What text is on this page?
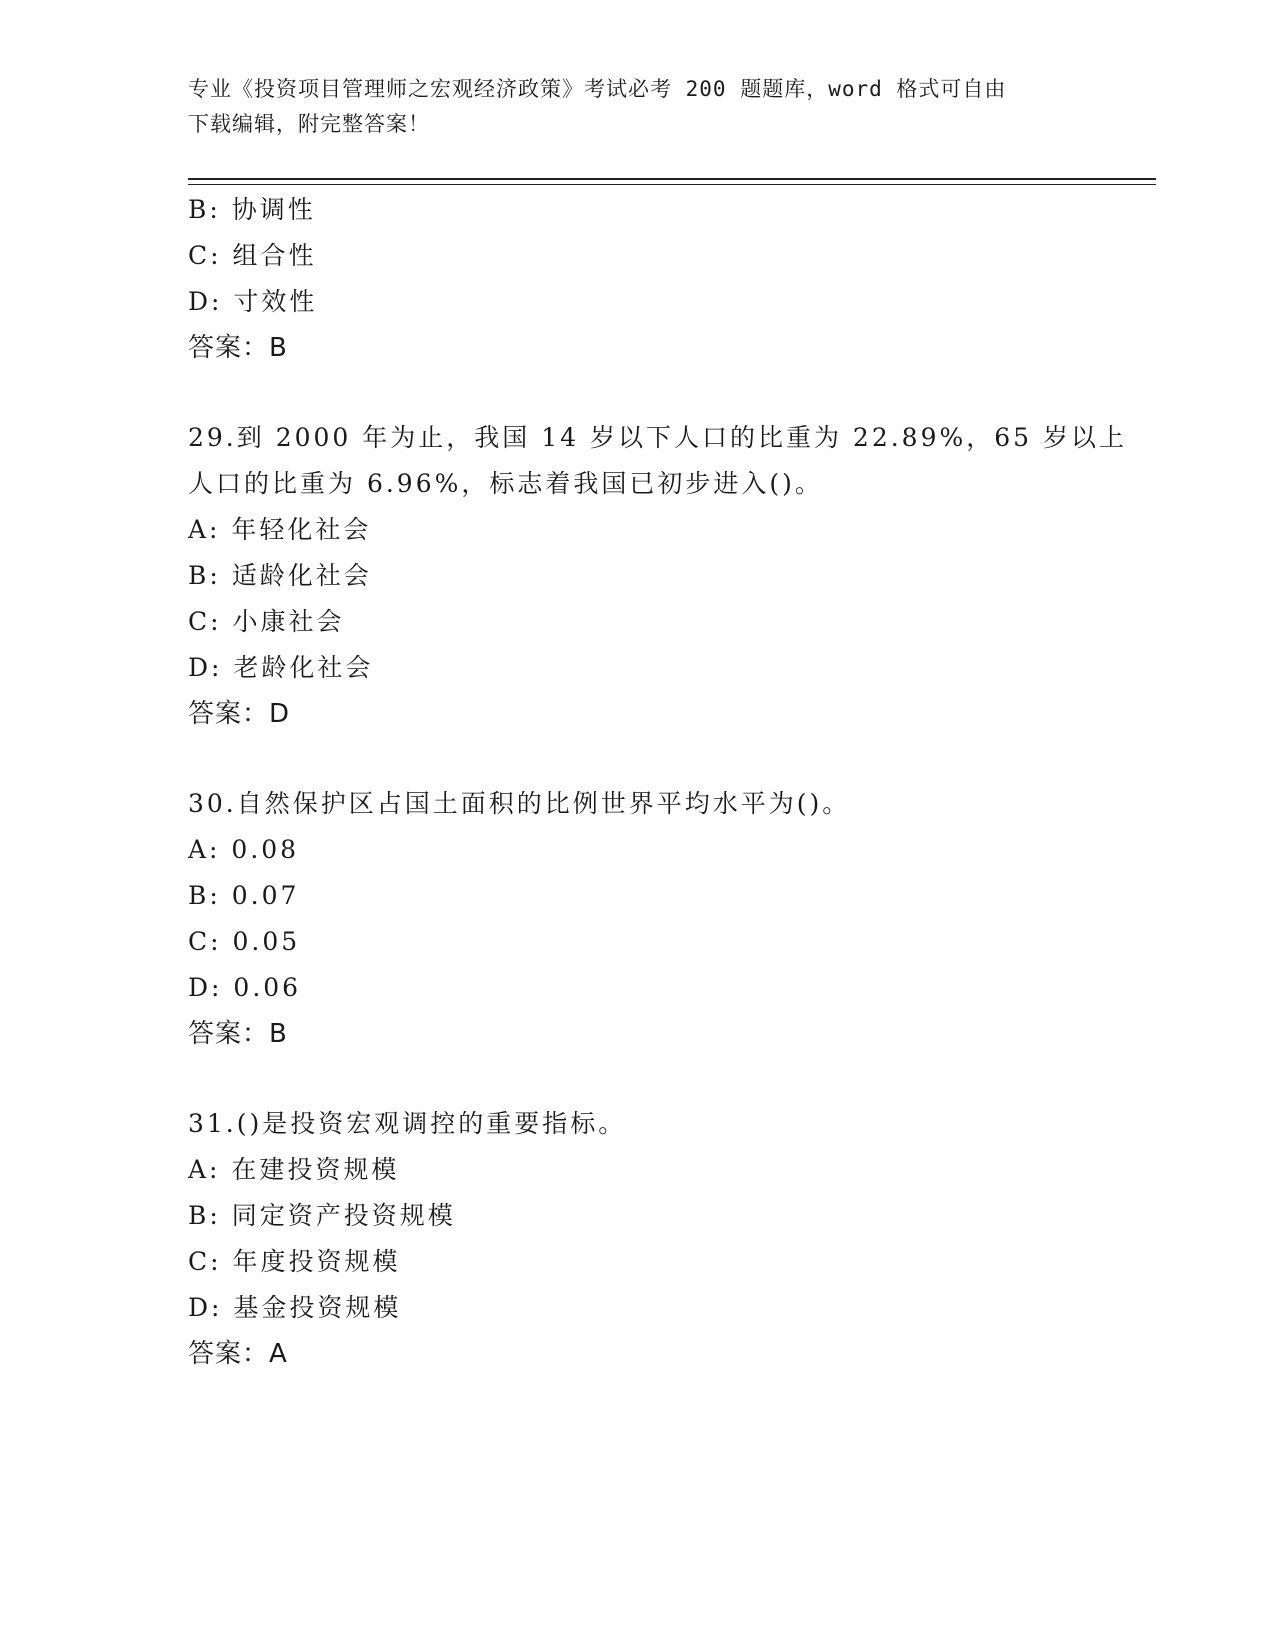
专业《投资项目管理师之宏观经济政策》考试必考 200 题题库，word 格式可自由
下载编辑，附完整答案！
B: 协调性
C: 组合性
D: 寸效性
答案：B
29.到 2000 年为止，我国 14 岁以下人口的比重为 22.89%，65 岁以上
人口的比重为 6.96%，标志着我国已初步进入()。
A: 年轻化社会
B: 适龄化社会
C: 小康社会
D: 老龄化社会
答案：D
30.自然保护区占国土面积的比例世界平均水平为()。
A: 0.08
B: 0.07
C: 0.05
D: 0.06
答案：B
31.()是投资宏观调控的重要指标。
A: 在建投资规模
B: 同定资产投资规模
C: 年度投资规模
D: 基金投资规模
答案：A
